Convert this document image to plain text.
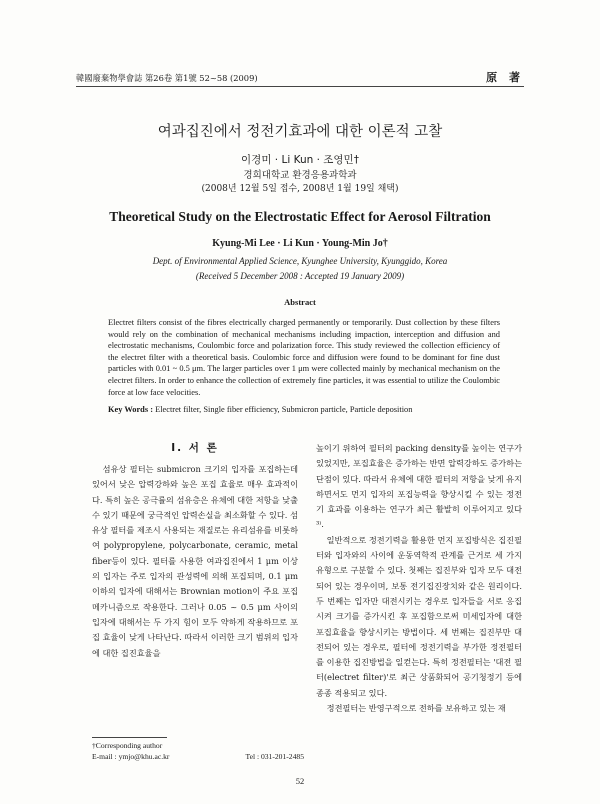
韓國廢棄物學會誌 第26卷 第1號 52~58 (2009)	原 著
여과집진에서 정전기효과에 대한 이론적 고찰
이경미 · Li Kun · 조영민†
경희대학교 환경응용과학과
(2008년 12월 5일 접수, 2008년 1월 19일 채택)
Theoretical Study on the Electrostatic Effect for Aerosol Filtration
Kyung-Mi Lee · Li Kun · Young-Min Jo†
Dept. of Environmental Applied Science, Kyunghee University, Kyunggido, Korea
(Received 5 December 2008 : Accepted 19 January 2009)
Abstract
Electret filters consist of the fibres electrically charged permanently or temporarily. Dust collection by these filters would rely on the combination of mechanical mechanisms including impaction, interception and diffusion and electrostatic mechanisms, Coulombic force and polarization force. This study reviewed the collection efficiency of the electret filter with a theoretical basis. Coulombic force and diffusion were found to be dominant for fine dust particles with 0.01 ~ 0.5 μm. The larger particles over 1 μm were collected mainly by mechanical mechanism on the electret filters. In order to enhance the collection of extremely fine particles, it was essential to utilize the Coulombic force at low face velocities.
Key Words : Electret filter, Single fiber efficiency, Submicron particle, Particle deposition
I. 서 론

섬유상 필터는 submicron 크기의 입자를 포집하는데 있어서 낮은 압력강하와 높은 포집 효율로 매우 효과적이다. 특히 높은 공극률의 섬유층은 유체에 대한 저항을 낮출 수 있기 때문에 궁극적인 압력손실을 최소화할 수 있다. 섬유상 필터를 제조시 사용되는 재질로는 유리섬유를 비롯하여 polypropylene, polycarbonate, ceramic, metal fiber등이 있다. 필터를 사용한 여과집진에서 1 μm 이상의 입자는 주로 입자의 관성력에 의해 포집되며, 0.1 μm 이하의 입자에 대해서는 Brownian motion이 주요 포집메카니즘으로 작용한다. 그러나 0.05 ~ 0.5 μm 사이의 입자에 대해서는 두 가지 힘이 모두 약하게 작용하므로 포집 효율이 낮게 나타난다. 따라서 이러한 크기 범위의 입자에 대한 집진효율을

높이기 위하여 필터의 packing density를 높이는 연구가 있었지만, 포집효율은 증가하는 반면 압력강하도 증가하는 단점이 있다. 따라서 유체에 대한 필터의 저항을 낮게 유지하면서도 먼지 입자의 포집능력을 향상시킬 수 있는 정전기 효과를 이용하는 연구가 최근 활발히 이루어지고 있다³⁾.

일반적으로 정전기력을 활용한 먼지 포집방식은 집진필터와 입자와의 사이에 운동역학적 관계를 근거로 세 가지 유형으로 구분할 수 있다. 첫째는 집진부와 입자 모두 대전되어 있는 경우이며, 보통 전기집진장치와 같은 원리이다. 두 번째는 입자만 대전시키는 경우로 입자들을 서로 응집시켜 크기를 증가시킨 후 포집함으로써 미세입자에 대한 포집효율을 향상시키는 방법이다. 세 번째는 집진부만 대전되어 있는 경우로, 필터에 정전기력을 부가한 정전필터를 이용한 집진방법을 일컫는다. 특히 정전필터는 '대전 필터(electret filter)'로 최근 상품화되어 공기청정기 등에 종종 적용되고 있다.

정전필터는 반영구적으로 전하를 보유하고 있는 재

†Corresponding author
E-mail : ymjo@khu.ac.kr	Tel : 031-201-2485
52
